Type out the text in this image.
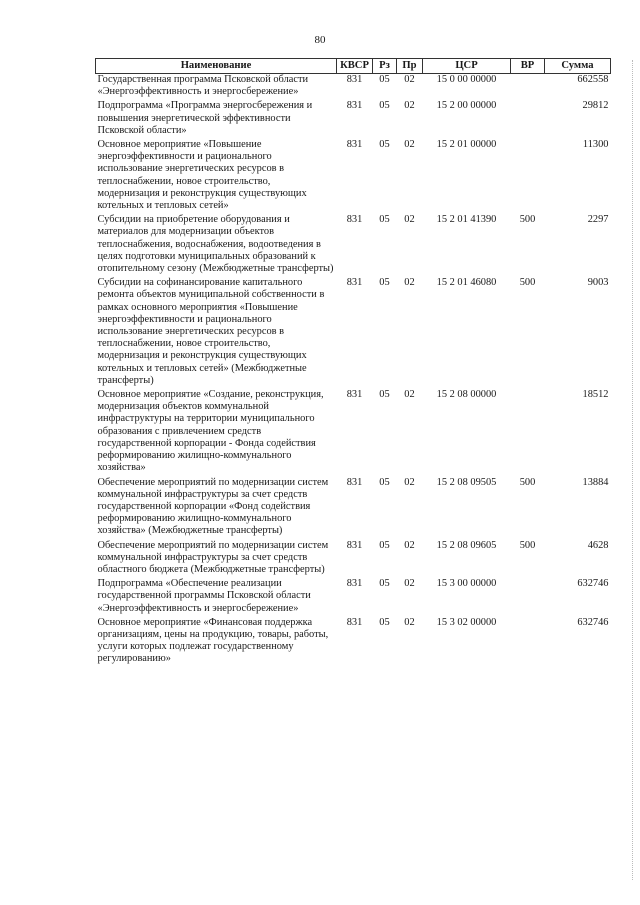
80
Наименование	КВСР	Рз	Пр	ЦСР	ВР	Сумма
Государственная программа Псковской области «Энергоэффективность и энергосбережение»	831	05	02	15 0 00 00000		662558
Подпрограмма «Программа энергосбережения и повышения энергетической эффективности Псковской области»	831	05	02	15 2 00 00000		29812
Основное мероприятие «Повышение энергоэффективности и рационального использование энергетических ресурсов в теплоснабжении, новое строительство, модернизация и реконструкция существующих котельных и тепловых сетей»	831	05	02	15 2 01 00000		11300
Субсидии на приобретение оборудования и материалов для модернизации объектов теплоснабжения, водоснабжения, водоотведения в целях подготовки муниципальных образований к отопительному сезону (Межбюджетные трансферты)	831	05	02	15 2 01 41390	500	2297
Субсидии на софинансирование капитального ремонта объектов муниципальной собственности в рамках основного мероприятия «Повышение энергоэффективности и рационального использование энергетических ресурсов в теплоснабжении, новое строительство, модернизация и реконструкция существующих котельных и тепловых сетей» (Межбюджетные трансферты)	831	05	02	15 2 01 46080	500	9003
Основное мероприятие «Создание, реконструкция, модернизация объектов коммунальной инфраструктуры на территории муниципального образования с привлечением средств государственной корпорации - Фонда содействия реформированию жилищно-коммунального хозяйства»	831	05	02	15 2 08 00000		18512
Обеспечение мероприятий по модернизации систем коммунальной инфраструктуры за счет средств государственной корпорации «Фонд содействия реформированию жилищно-коммунального хозяйства» (Межбюджетные трансферты)	831	05	02	15 2 08 09505	500	13884
Обеспечение мероприятий по модернизации систем коммунальной инфраструктуры за счет средств областного бюджета (Межбюджетные трансферты)	831	05	02	15 2 08 09605	500	4628
Подпрограмма «Обеспечение реализации государственной программы Псковской области «Энергоэффективность и энергосбережение»	831	05	02	15 3 00 00000		632746
Основное мероприятие «Финансовая поддержка организациям, цены на продукцию, товары, работы, услуги которых подлежат государственному регулированию»	831	05	02	15 3 02 00000		632746
